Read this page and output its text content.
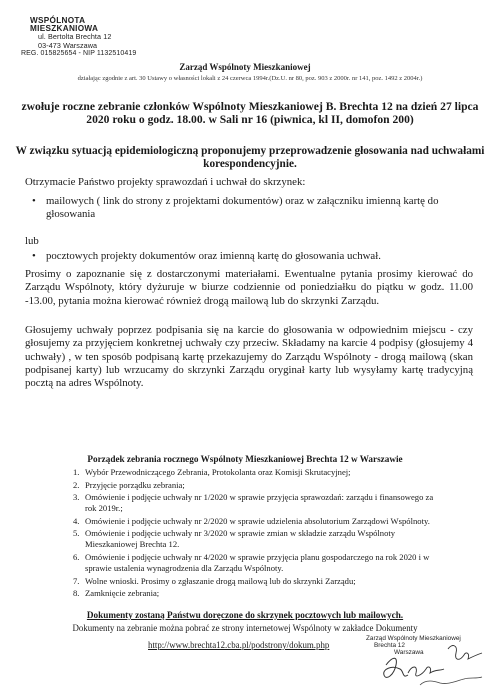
WSPÓLNOTA MIESZKANIOWA
ul. Bertolta Brechta 12
03-473 Warszawa
REG. 015825654 - NIP 1132510419
Zarząd Wspólnoty Mieszkaniowej
działając zgodnie z art. 30 Ustawy o własności lokali z 24 czerwca 1994r.(Dz.U. nr 80, poz. 903 z 2000r. nr 141, poz. 1492 z 2004r.)
zwołuje roczne zebranie członków Wspólnoty Mieszkaniowej B. Brechta 12 na dzień 27 lipca 2020 roku o godz. 18.00. w Sali nr 16 (piwnica, kl II, domofon 200)
W związku sytuacją epidemiologiczną proponujemy przeprowadzenie głosowania nad uchwałami korespondencyjnie.
Otrzymacie Państwo projekty sprawozdań i uchwał do skrzynek:
• mailowych ( link do strony z projektami dokumentów) oraz w załączniku imienną kartę do głosowania
lub
• pocztowych projekty dokumentów oraz imienną kartę do głosowania uchwał.
Prosimy o zapoznanie się z dostarczonymi materiałami. Ewentualne pytania prosimy kierować do Zarządu Wspólnoty, który dyżuruje w biurze codziennie od poniedziałku do piątku w godz. 11.00 -13.00, pytania można kierować również drogą mailową lub do skrzynki Zarządu.
Głosujemy uchwały poprzez podpisania się na karcie do głosowania w odpowiednim miejscu - czy głosujemy za przyjęciem konkretnej uchwały czy przeciw. Składamy na karcie 4 podpisy (głosujemy 4 uchwały) , w ten sposób podpisaną kartę przekazujemy do Zarządu Wspólnoty - drogą mailową (skan podpisanej karty) lub wrzucamy do skrzynki Zarządu oryginał karty lub wysyłamy kartę tradycyjną pocztą na adres Wspólnoty.
Porządek zebrania rocznego Wspólnoty Mieszkaniowej Brechta 12 w Warszawie
1. Wybór Przewodniczącego Zebrania, Protokolanta oraz Komisji Skrutacyjnej;
2. Przyjęcie porządku zebrania;
3. Omówienie i podjęcie uchwały nr 1/2020 w sprawie przyjęcia sprawozdań: zarządu i finansowego za rok 2019r.;
4. Omówienie i podjęcie uchwały nr 2/2020 w sprawie udzielenia absolutorium Zarządowi Wspólnoty.
5. Omówienie i podjęcie uchwały nr 3/2020 w sprawie zmian w składzie zarządu Wspólnoty Mieszkaniowej Brechta 12.
6. Omówienie i podjęcie uchwały nr 4/2020 w sprawie przyjęcia planu gospodarczego na rok 2020 i w sprawie ustalenia wynagrodzenia dla Zarządu Wspólnoty.
7. Wolne wnioski. Prosimy o zgłaszanie drogą mailową lub do skrzynki Zarządu;
8. Zamknięcie zebrania;
Dokumenty zostaną Państwu doręczone do skrzynek pocztowych lub mailowych.
Dokumenty na zebranie można pobrać ze strony internetowej Wspólnoty w zakładce Dokumenty
http://www.brechta12.cba.pl/podstrony/dokum.php
Zarząd Wspólnoty Mieszkaniowej
Brechta 12
Warszawa
